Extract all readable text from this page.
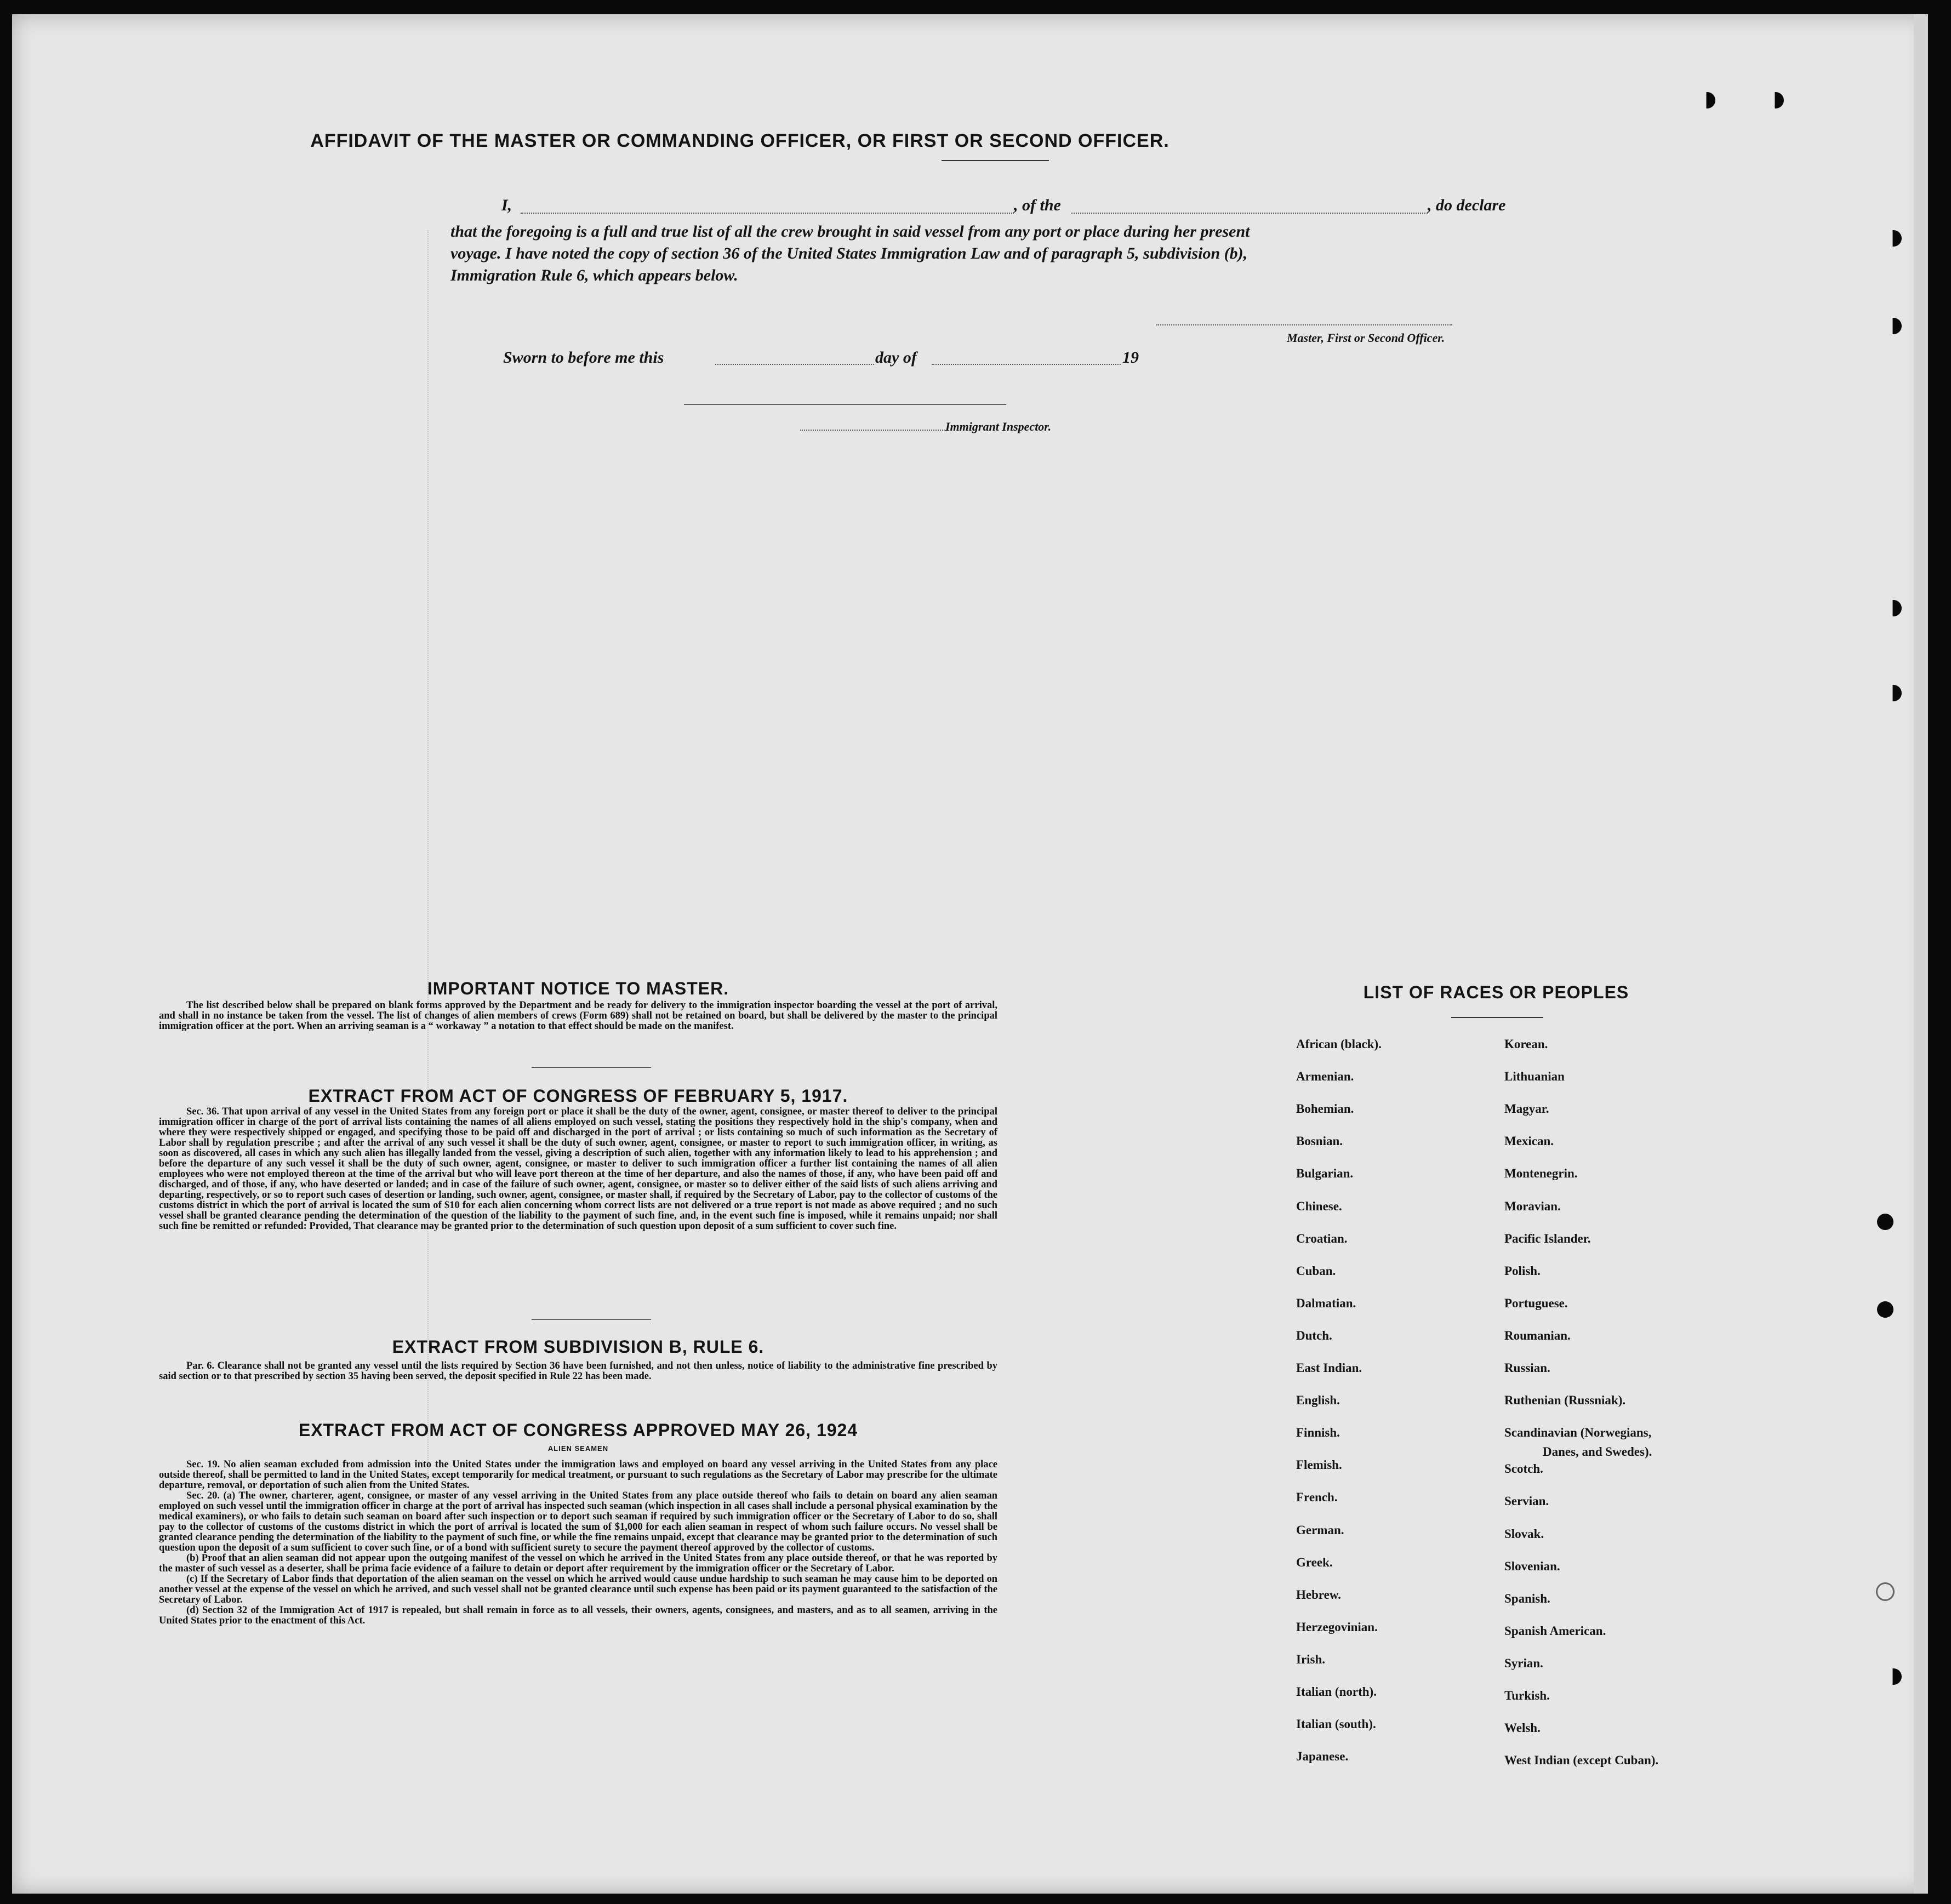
AFFIDAVIT OF THE MASTER OR COMMANDING OFFICER, OR FIRST OR SECOND OFFICER.
I,	, of the	, do declare
that the foregoing is a full and true list of all the crew brought in said vessel from any port or place during her present
voyage. I have noted the copy of section 36 of the United States Immigration Law and of paragraph 5, subdivision (b),
Immigration Rule 6, which appears below.
Master, First or Second Officer.
Sworn to before me this	day of	19
Immigrant Inspector.
IMPORTANT NOTICE TO MASTER.

The list described below shall be prepared on blank forms approved by the Department and be ready for delivery to the immigration inspector boarding the vessel at the port of arrival, and shall in no instance be taken from the vessel. The list of changes of alien members of crews (Form 689) shall not be retained on board, but shall be delivered by the master to the principal immigration officer at the port. When an arriving seaman is a “ workaway ” a notation to that effect should be made on the manifest.

EXTRACT FROM ACT OF CONGRESS OF FEBRUARY 5, 1917.

Sec. 36. That upon arrival of any vessel in the United States from any foreign port or place it shall be the duty of the owner, agent, consignee, or master thereof to deliver to the principal immigration officer in charge of the port of arrival lists containing the names of all aliens employed on such vessel, stating the positions they respectively hold in the ship's company, when and where they were respectively shipped or engaged, and specifying those to be paid off and discharged in the port of arrival ; or lists containing so much of such information as the Secretary of Labor shall by regulation prescribe ; and after the arrival of any such vessel it shall be the duty of such owner, agent, consignee, or master to report to such immigration officer, in writing, as soon as discovered, all cases in which any such alien has illegally landed from the vessel, giving a description of such alien, together with any information likely to lead to his apprehension ; and before the departure of any such vessel it shall be the duty of such owner, agent, consignee, or master to deliver to such immigration officer a further list containing the names of all alien employees who were not employed thereon at the time of the arrival but who will leave port thereon at the time of her departure, and also the names of those, if any, who have been paid off and discharged, and of those, if any, who have deserted or landed; and in case of the failure of such owner, agent, consignee, or master so to deliver either of the said lists of such aliens arriving and departing, respectively, or so to report such cases of desertion or landing, such owner, agent, consignee, or master shall, if required by the Secretary of Labor, pay to the collector of customs of the customs district in which the port of arrival is located the sum of $10 for each alien concerning whom correct lists are not delivered or a true report is not made as above required ; and no such vessel shall be granted clearance pending the determination of the question of the liability to the payment of such fine, and, in the event such fine is imposed, while it remains unpaid; nor shall such fine be remitted or refunded: Provided, That clearance may be granted prior to the determination of such question upon deposit of a sum sufficient to cover such fine.

EXTRACT FROM SUBDIVISION B, RULE 6.

Par. 6. Clearance shall not be granted any vessel until the lists required by Section 36 have been furnished, and not then unless, notice of liability to the administrative fine prescribed by said section or to that prescribed by section 35 having been served, the deposit specified in Rule 22 has been made.

EXTRACT FROM ACT OF CONGRESS APPROVED MAY 26, 1924
ALIEN SEAMEN

Sec. 19. No alien seaman excluded from admission into the United States under the immigration laws and employed on board any vessel arriving in the United States from any place outside thereof, shall be permitted to land in the United States, except temporarily for medical treatment, or pursuant to such regulations as the Secretary of Labor may prescribe for the ultimate departure, removal, or deportation of such alien from the United States.

Sec. 20. (a) The owner, charterer, agent, consignee, or master of any vessel arriving in the United States from any place outside thereof who fails to detain on board any alien seaman employed on such vessel until the immigration officer in charge at the port of arrival has inspected such seaman (which inspection in all cases shall include a personal physical examination by the medical examiners), or who fails to detain such seaman on board after such inspection or to deport such seaman if required by such immigration officer or the Secretary of Labor to do so, shall pay to the collector of customs of the customs district in which the port of arrival is located the sum of $1,000 for each alien seaman in respect of whom such failure occurs. No vessel shall be granted clearance pending the determination of the liability to the payment of such fine, or while the fine remains unpaid, except that clearance may be granted prior to the determination of such question upon the deposit of a sum sufficient to cover such fine, or of a bond with sufficient surety to secure the payment thereof approved by the collector of customs.

(b) Proof that an alien seaman did not appear upon the outgoing manifest of the vessel on which he arrived in the United States from any place outside thereof, or that he was reported by the master of such vessel as a deserter, shall be prima facie evidence of a failure to detain or deport after requirement by the immigration officer or the Secretary of Labor.

(c) If the Secretary of Labor finds that deportation of the alien seaman on the vessel on which he arrived would cause undue hardship to such seaman he may cause him to be deported on another vessel at the expense of the vessel on which he arrived, and such vessel shall not be granted clearance until such expense has been paid or its payment guaranteed to the satisfaction of the Secretary of Labor.

(d) Section 32 of the Immigration Act of 1917 is repealed, but shall remain in force as to all vessels, their owners, agents, consignees, and masters, and as to all seamen, arriving in the United States prior to the enactment of this Act.

LIST OF RACES OR PEOPLES
African (black).
Armenian.
Bohemian.
Bosnian.
Bulgarian.
Chinese.
Croatian.
Cuban.
Dalmatian.
Dutch.
East Indian.
English.
Finnish.
Flemish.
French.
German.
Greek.
Hebrew.
Herzegovinian.
Irish.
Italian (north).
Italian (south).
Japanese.
Korean.
Lithuanian
Magyar.
Mexican.
Montenegrin.
Moravian.
Pacific Islander.
Polish.
Portuguese.
Roumanian.
Russian.
Ruthenian (Russniak).
Scandinavian (Norwegians,
Danes, and Swedes).
Scotch.
Servian.
Slovak.
Slovenian.
Spanish.
Spanish American.
Syrian.
Turkish.
Welsh.
West Indian (except Cuban).
